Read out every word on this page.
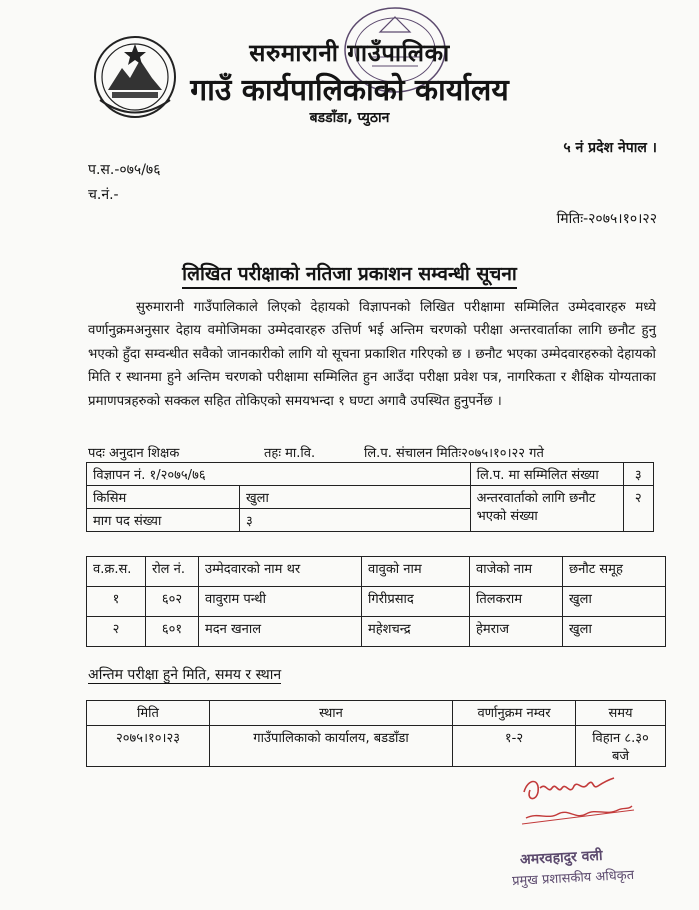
सरुमारानी गाउँपालिका
गाउँ कार्यपालिकाको कार्यालय
बडडाँडा, प्युठान
५ नं प्रदेश नेपाल ।
प.स.-०७५/७६
च.नं.-
मितिः-२०७५।१०।२२
लिखित परीक्षाको नतिजा प्रकाशन सम्वन्धी सूचना
सुरुमारानी गाउँपालिकाले लिएको देहायको विज्ञापनको लिखित परीक्षामा सम्मिलित उम्मेदवारहरु मध्ये वर्णानुक्रमअनुसार देहाय वमोजिमका उम्मेदवारहरु उत्तिर्ण भई अन्तिम चरणको परीक्षा अन्तरवार्ताका लागि छनौट हुनु भएको हुँदा सम्वन्धीत सवैको जानकारीको लागि यो सूचना प्रकाशित गरिएको छ । छनौट भएका उम्मेदवारहरुको देहायको मिति र स्थानमा हुने अन्तिम चरणको परीक्षामा सम्मिलित हुन आउँदा परीक्षा प्रवेश पत्र, नागरिकता र शैक्षिक योग्यताका प्रमाणपत्रहरुको सक्कल सहित तोकिएको समयभन्दा १ घण्टा अगावै उपस्थित हुनुपर्नेछ ।
पदः अनुदान शिक्षक	तहः मा.वि.	लि.प. संचालन मितिः२०७५।१०।२२ गते
विज्ञापन नं. १/२०७५/७६		लि.प. मा सम्मिलित संख्या	३
किसिम	खुला	अन्तरवार्ताको लागि छनौट भएको संख्या	२
माग पद संख्या	३		
व.क्र.स.	रोल नं.	उम्मेदवारको नाम थर	वावुको नाम	वाजेको नाम	छनौट समूह
१	६०२	वावुराम पन्थी	गिरीप्रसाद	तिलकराम	खुला
२	६०१	मदन खनाल	महेशचन्द्र	हेमराज	खुला
अन्तिम परीक्षा हुने मिति, समय र स्थान
मिति	स्थान	वर्णानुक्रम नम्वर	समय
२०७५।१०।२३	गाउँपालिकाको कार्यालय, बडडाँडा	१-२	विहान ८.३० बजे
अमरवहादुर वली
प्रमुख प्रशासकीय अधिकृत
